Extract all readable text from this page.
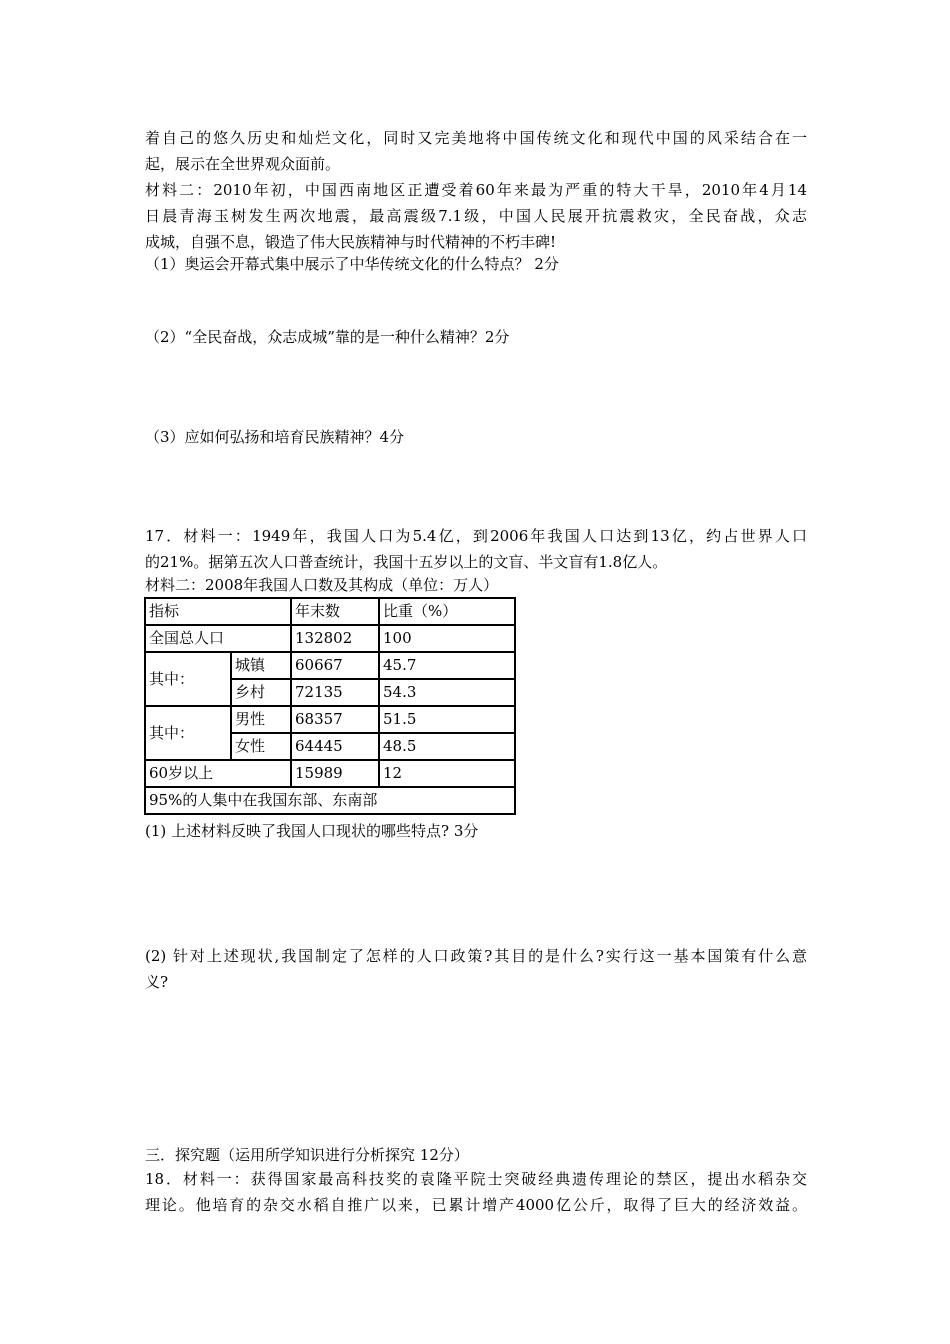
着自己的悠久历史和灿烂文化，同时又完美地将中国传统文化和现代中国的风采结合在一
起，展示在全世界观众面前。
材料二：2010年初，中国西南地区正遭受着60年来最为严重的特大干旱，2010年4月14
日晨青海玉树发生两次地震，最高震级7.1级，中国人民展开抗震救灾，全民奋战，众志
成城，自强不息，锻造了伟大民族精神与时代精神的不朽丰碑!
（1）奥运会开幕式集中展示了中华传统文化的什么特点？ 2分
（2）“全民奋战，众志成城”靠的是一种什么精神？2分
（3）应如何弘扬和培育民族精神？4分
17．材料一：1949年，我国人口为5.4亿，到2006年我国人口达到13亿，约占世界人口
的21%。据第五次人口普查统计，我国十五岁以上的文盲、半文盲有1.8亿人。
材料二：2008年我国人口数及其构成（单位：万人）
指标		年末数	比重（%）
全国总人口		132802	100
其中：	城镇	60667	45.7
	乡村	72135	54.3
其中：	男性	68357	51.5
	女性	64445	48.5
60岁以上		15989	12
95%的人集中在我国东部、东南部			
(1) 上述材料反映了我国人口现状的哪些特点? 3分
(2) 针对上述现状,我国制定了怎样的人口政策?其目的是什么?实行这一基本国策有什么意
义?
三．探究题（运用所学知识进行分析探究 12分）
18．材料一：获得国家最高科技奖的袁隆平院士突破经典遗传理论的禁区，提出水稻杂交
理论。他培育的杂交水稻自推广以来，已累计增产4000亿公斤，取得了巨大的经济效益。
